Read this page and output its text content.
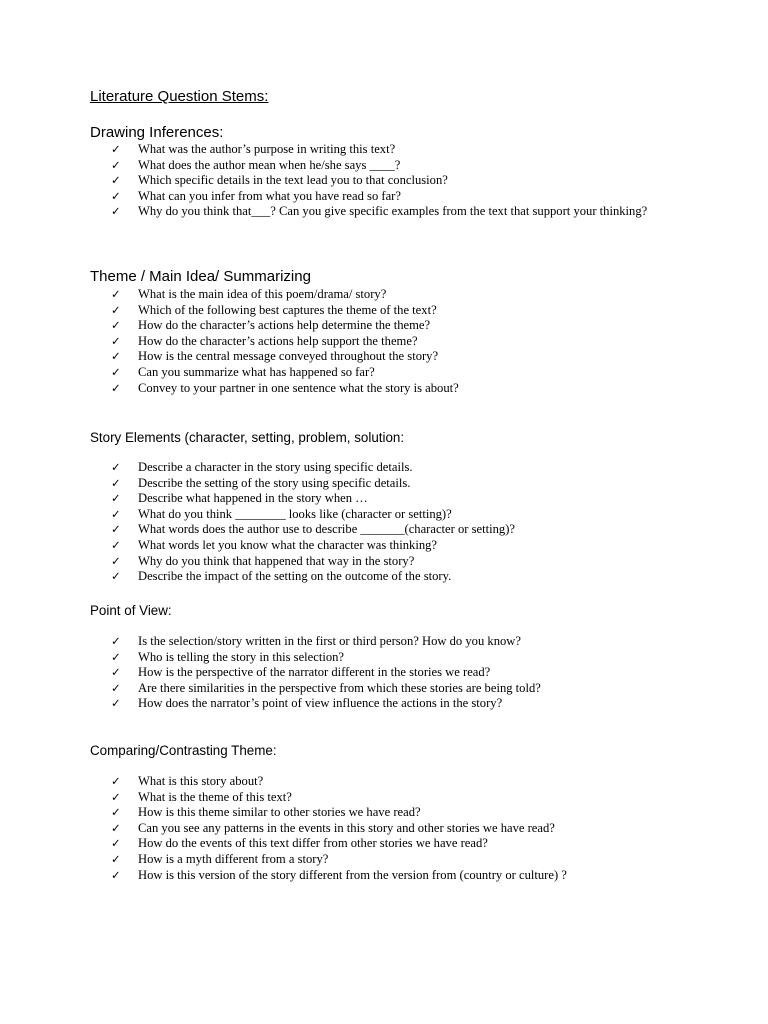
Literature Question Stems:
Drawing Inferences:
✓ What was the author’s purpose in writing this text?
✓ What does the author mean when he/she says ____?
✓ Which specific details in the text lead you to that conclusion?
✓ What can you infer from what you have read so far?
✓ Why do you think that___? Can you give specific examples from the text that support your thinking?
Theme / Main Idea/ Summarizing
✓ What is the main idea of this poem/drama/ story?
✓ Which of the following best captures the theme of the text?
✓ How do the character’s actions help determine the theme?
✓ How do the character’s actions help support the theme?
✓ How is the central message conveyed throughout the story?
✓ Can you summarize what has happened so far?
✓ Convey to your partner in one sentence what the story is about?
Story Elements (character, setting, problem, solution:
✓ Describe a character in the story using specific details.
✓ Describe the setting of the story using specific details.
✓ Describe what happened in the story when …
✓ What do you think ________ looks like (character or setting)?
✓ What words does the author use to describe _______(character or setting)?
✓ What words let you know what the character was thinking?
✓ Why do you think that happened that way in the story?
✓ Describe the impact of the setting on the outcome of the story.
Point of View:
✓ Is the selection/story written in the first or third person? How do you know?
✓ Who is telling the story in this selection?
✓ How is the perspective of the narrator different in the stories we read?
✓ Are there similarities in the perspective from which these stories are being told?
✓ How does the narrator’s point of view influence the actions in the story?
Comparing/Contrasting Theme:
✓ What is this story about?
✓ What is the theme of this text?
✓ How is this theme similar to other stories we have read?
✓ Can you see any patterns in the events in this story and other stories we have read?
✓ How do the events of this text differ from other stories we have read?
✓ How is a myth different from a story?
✓ How is this version of the story different from the version from (country or culture) ?
